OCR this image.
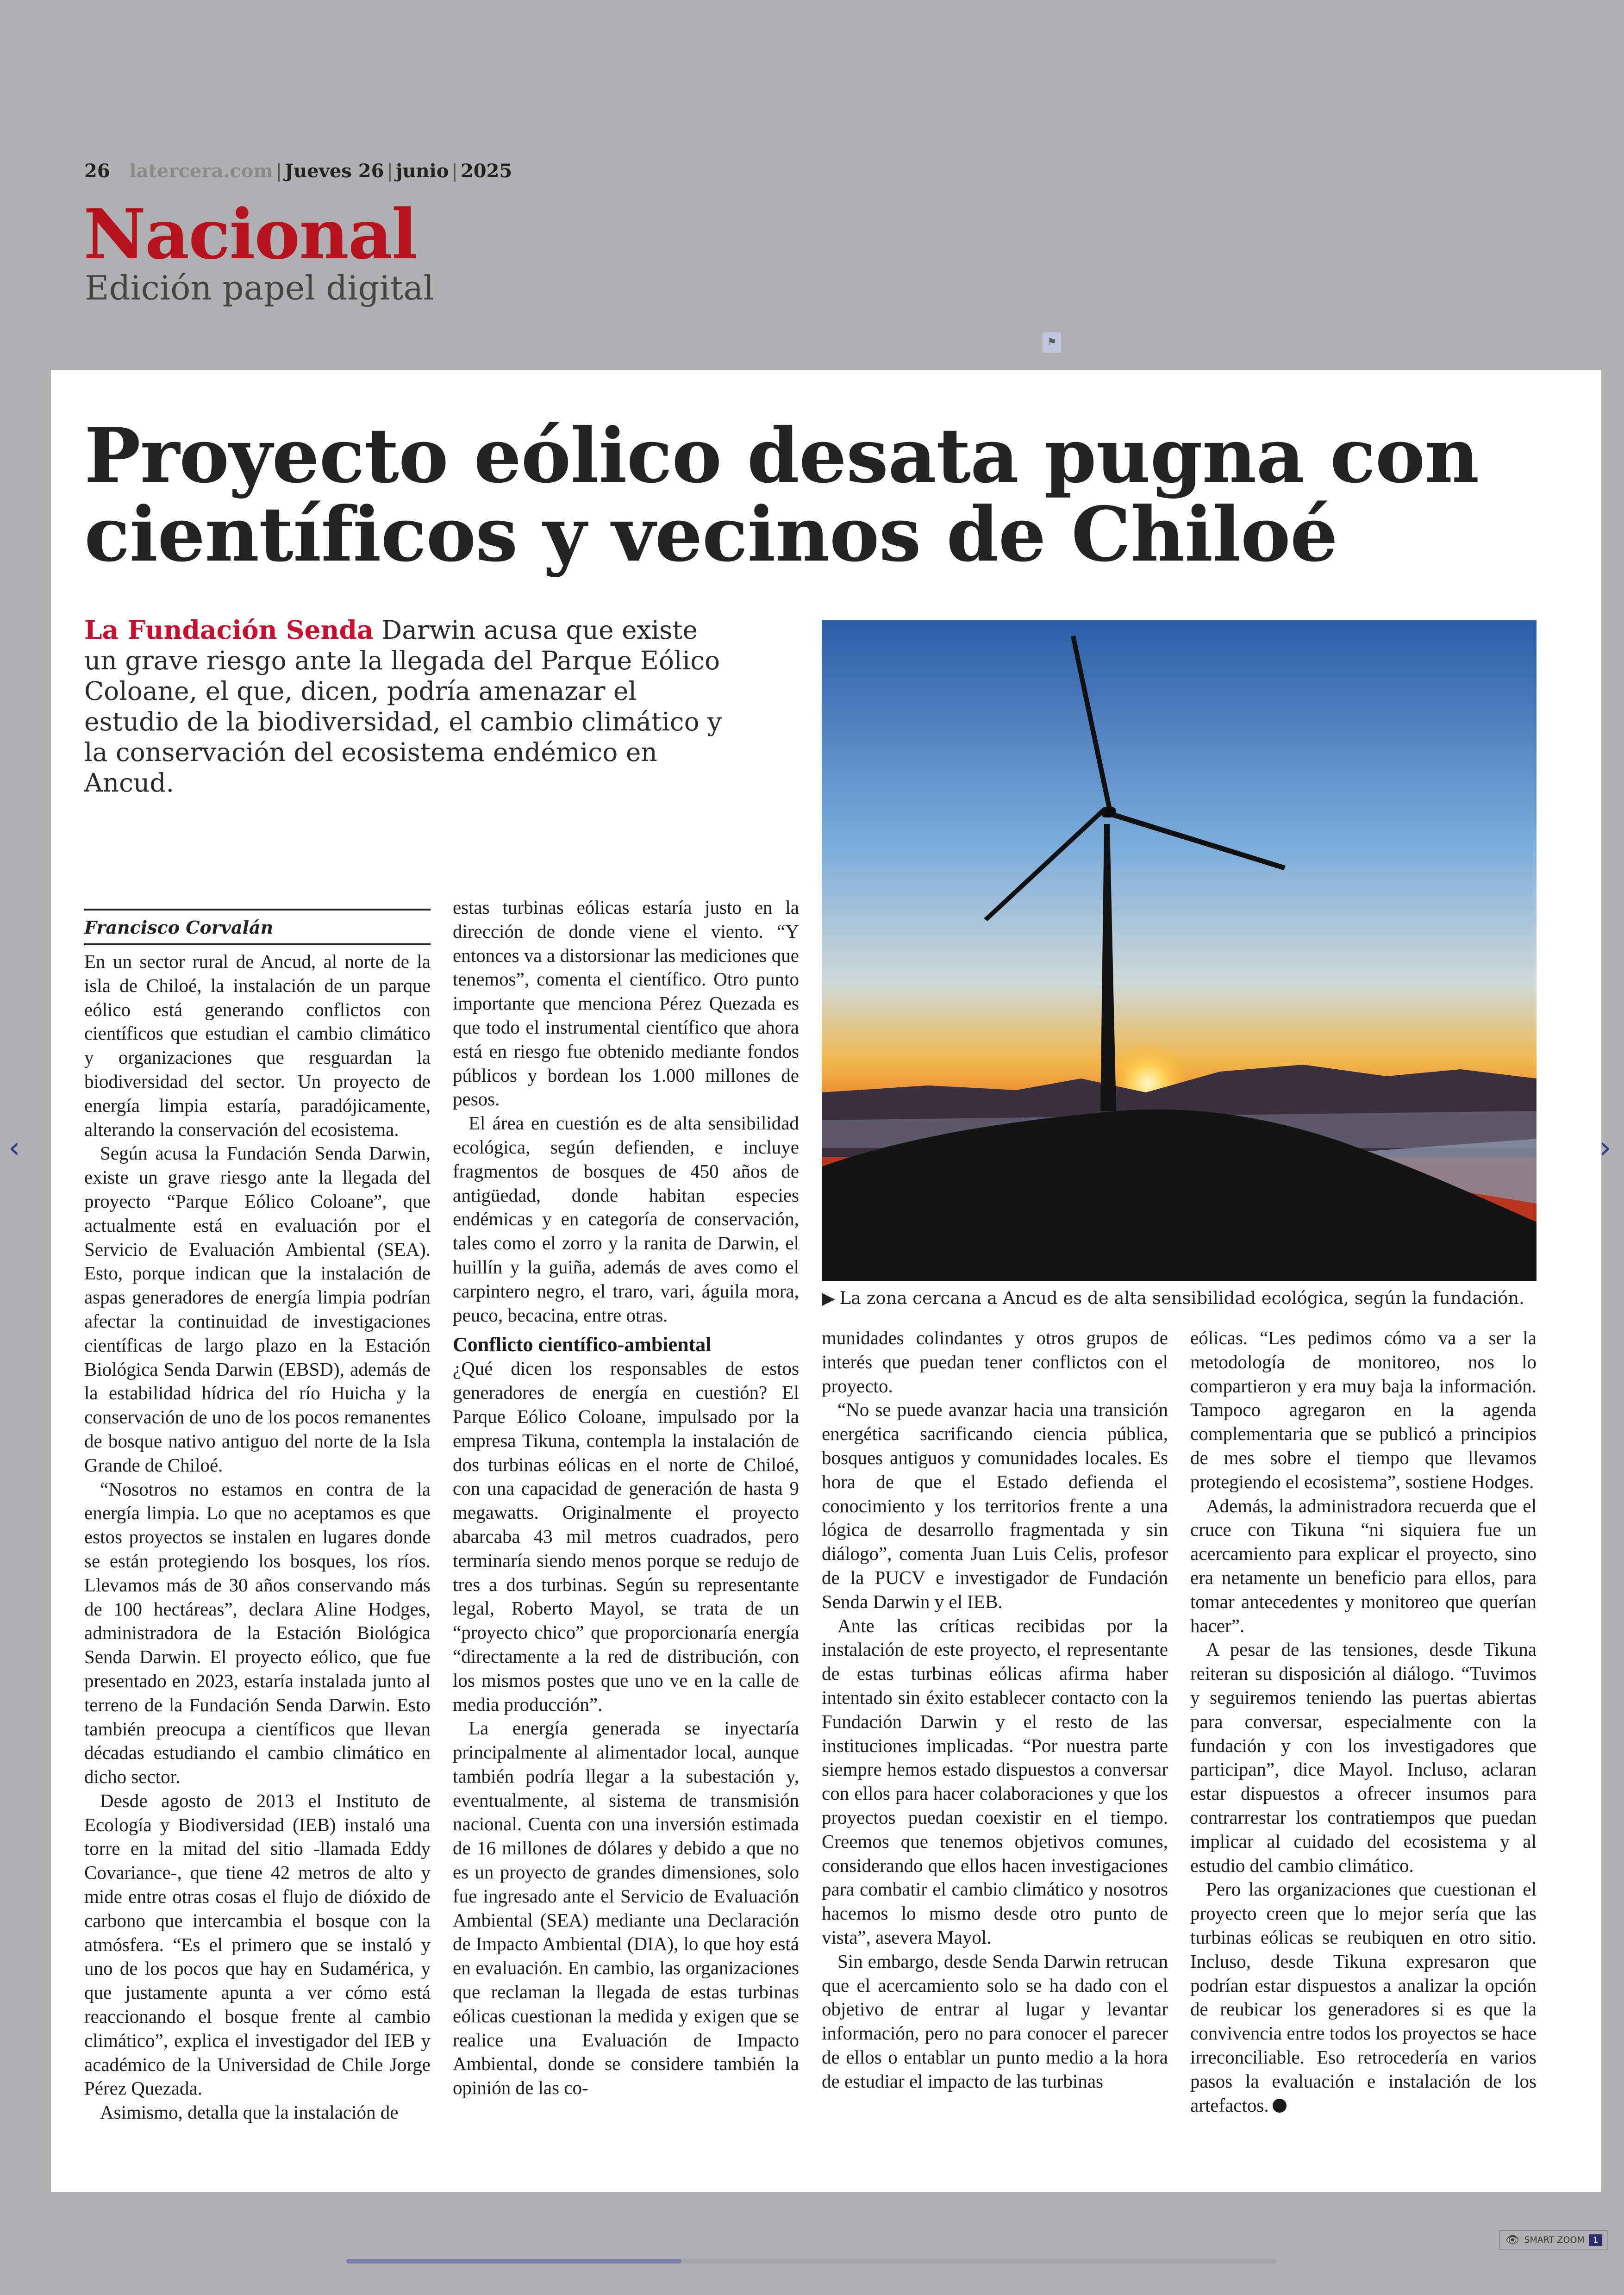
26 latercera.com | Jueves 26 | junio | 2025
Nacional
Edición papel digital
⚑
Proyecto eólico desata pugna con
científicos y vecinos de Chiloé
La Fundación Senda Darwin acusa que existe un grave riesgo ante la llegada del Parque Eólico Coloane, el que, dicen, podría amenazar el estudio de la biodiversidad, el cambio climático y la conservación del ecosistema endémico en Ancud.
▶ La zona cercana a Ancud es de alta sensibilidad ecológica, según la fundación.
Francisco Corvalán

En un sector rural de Ancud, al norte de la isla de Chiloé, la instalación de un parque eólico está generando conflictos con científicos que estudian el cambio climático y organizaciones que resguardan la biodiversidad del sector. Un proyecto de energía limpia estaría, paradójicamente, alterando la conservación del ecosistema.

Según acusa la Fundación Senda Darwin, existe un grave riesgo ante la llegada del proyecto “Parque Eólico Coloane”, que actualmente está en evaluación por el Servicio de Evaluación Ambiental (SEA). Esto, porque indican que la instalación de aspas generadores de energía limpia podrían afectar la continuidad de investigaciones científicas de largo plazo en la Estación Biológica Senda Darwin (EBSD), además de la estabilidad hídrica del río Huicha y la conservación de uno de los pocos remanentes de bosque nativo antiguo del norte de la Isla Grande de Chiloé.

“Nosotros no estamos en contra de la energía limpia. Lo que no aceptamos es que estos proyectos se instalen en lugares donde se están protegiendo los bosques, los ríos. Llevamos más de 30 años conservando más de 100 hectáreas”, declara Aline Hodges, administradora de la Estación Biológica Senda Darwin. El proyecto eólico, que fue presentado en 2023, estaría instalada junto al terreno de la Fundación Senda Darwin. Esto también preocupa a científicos que llevan décadas estudiando el cambio climático en dicho sector.

Desde agosto de 2013 el Instituto de Ecología y Biodiversidad (IEB) instaló una torre en la mitad del sitio -llamada Eddy Covariance-, que tiene 42 metros de alto y mide entre otras cosas el flujo de dióxido de carbono que intercambia el bosque con la atmósfera. “Es el primero que se instaló y uno de los pocos que hay en Sudamérica, y que justamente apunta a ver cómo está reaccionando el bosque frente al cambio climático”, explica el investigador del IEB y académico de la Universidad de Chile Jorge Pérez Quezada.

Asimismo, detalla que la instalación de

estas turbinas eólicas estaría justo en la dirección de donde viene el viento. “Y entonces va a distorsionar las mediciones que tenemos”, comenta el científico. Otro punto importante que menciona Pérez Quezada es que todo el instrumental científico que ahora está en riesgo fue obtenido mediante fondos públicos y bordean los 1.000 millones de pesos.

El área en cuestión es de alta sensibilidad ecológica, según defienden, e incluye fragmentos de bosques de 450 años de antigüedad, donde habitan especies endémicas y en categoría de conservación, tales como el zorro y la ranita de Darwin, el huillín y la guiña, además de aves como el carpintero negro, el traro, vari, águila mora, peuco, becacina, entre otras.

Conflicto científico-ambiental

¿Qué dicen los responsables de estos generadores de energía en cuestión? El Parque Eólico Coloane, impulsado por la empresa Tikuna, contempla la instalación de dos turbinas eólicas en el norte de Chiloé, con una capacidad de generación de hasta 9 megawatts. Originalmente el proyecto abarcaba 43 mil metros cuadrados, pero terminaría siendo menos porque se redujo de tres a dos turbinas. Según su representante legal, Roberto Mayol, se trata de un “proyecto chico” que proporcionaría energía “directamente a la red de distribución, con los mismos postes que uno ve en la calle de media producción”.

La energía generada se inyectaría principalmente al alimentador local, aunque también podría llegar a la subestación y, eventualmente, al sistema de transmisión nacional. Cuenta con una inversión estimada de 16 millones de dólares y debido a que no es un proyecto de grandes dimensiones, solo fue ingresado ante el Servicio de Evaluación Ambiental (SEA) mediante una Declaración de Impacto Ambiental (DIA), lo que hoy está en evaluación. En cambio, las organizaciones que reclaman la llegada de estas turbinas eólicas cuestionan la medida y exigen que se realice una Evaluación de Impacto Ambiental, donde se considere también la opinión de las co-

munidades colindantes y otros grupos de interés que puedan tener conflictos con el proyecto.

“No se puede avanzar hacia una transición energética sacrificando ciencia pública, bosques antiguos y comunidades locales. Es hora de que el Estado defienda el conocimiento y los territorios frente a una lógica de desarrollo fragmentada y sin diálogo”, comenta Juan Luis Celis, profesor de la PUCV e investigador de Fundación Senda Darwin y el IEB.

Ante las críticas recibidas por la instalación de este proyecto, el representante de estas turbinas eólicas afirma haber intentado sin éxito establecer contacto con la Fundación Darwin y el resto de las instituciones implicadas. “Por nuestra parte siempre hemos estado dispuestos a conversar con ellos para hacer colaboraciones y que los proyectos puedan coexistir en el tiempo. Creemos que tenemos objetivos comunes, considerando que ellos hacen investigaciones para combatir el cambio climático y nosotros hacemos lo mismo desde otro punto de vista”, asevera Mayol.

Sin embargo, desde Senda Darwin retrucan que el acercamiento solo se ha dado con el objetivo de entrar al lugar y levantar información, pero no para conocer el parecer de ellos o entablar un punto medio a la hora de estudiar el impacto de las turbinas

eólicas. “Les pedimos cómo va a ser la metodología de monitoreo, nos lo compartieron y era muy baja la información. Tampoco agregaron en la agenda complementaria que se publicó a principios de mes sobre el tiempo que llevamos protegiendo el ecosistema”, sostiene Hodges.

Además, la administradora recuerda que el cruce con Tikuna “ni siquiera fue un acercamiento para explicar el proyecto, sino era netamente un beneficio para ellos, para tomar antecedentes y monitoreo que querían hacer”.

A pesar de las tensiones, desde Tikuna reiteran su disposición al diálogo. “Tuvimos y seguiremos teniendo las puertas abiertas para conversar, especialmente con la fundación y con los investigadores que participan”, dice Mayol. Incluso, aclaran estar dispuestos a ofrecer insumos para contrarrestar los contratiempos que puedan implicar al cuidado del ecosistema y al estudio del cambio climático.

Pero las organizaciones que cuestionan el proyecto creen que lo mejor sería que las turbinas eólicas se reubiquen en otro sitio. Incluso, desde Tikuna expresaron que podrían estar dispuestos a analizar la opción de reubicar los generadores si es que la convivencia entre todos los proyectos se hace irreconciliable. Eso retrocedería en varios pasos la evaluación e instalación de los artefactos.

‹	›
👁 SMART ZOOM	1
